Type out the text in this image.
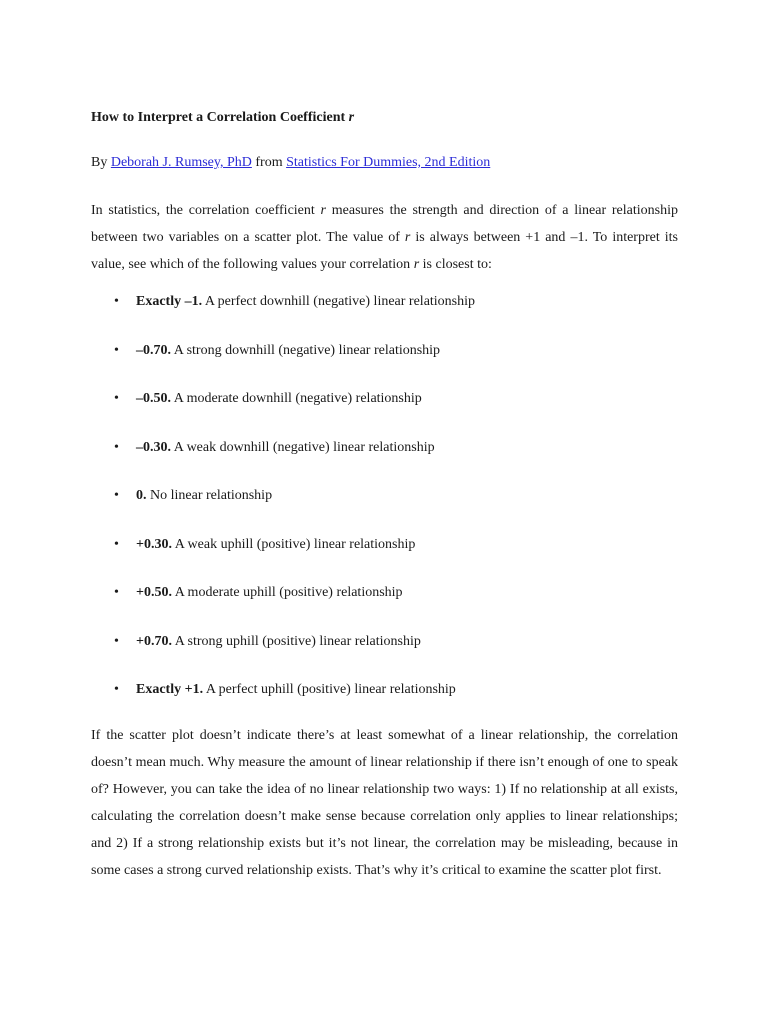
How to Interpret a Correlation Coefficient r

By Deborah J. Rumsey, PhD from Statistics For Dummies, 2nd Edition
In statistics, the correlation coefficient r measures the strength and direction of a linear relationship between two variables on a scatter plot. The value of r is always between +1 and –1. To interpret its value, see which of the following values your correlation r is closest to:
• Exactly –1. A perfect downhill (negative) linear relationship
• –0.70. A strong downhill (negative) linear relationship
• –0.50. A moderate downhill (negative) relationship
• –0.30. A weak downhill (negative) linear relationship
• 0. No linear relationship
• +0.30. A weak uphill (positive) linear relationship
• +0.50. A moderate uphill (positive) relationship
• +0.70. A strong uphill (positive) linear relationship
• Exactly +1. A perfect uphill (positive) linear relationship
If the scatter plot doesn’t indicate there’s at least somewhat of a linear relationship, the correlation doesn’t mean much. Why measure the amount of linear relationship if there isn’t enough of one to speak of? However, you can take the idea of no linear relationship two ways: 1) If no relationship at all exists, calculating the correlation doesn’t make sense because correlation only applies to linear relationships; and 2) If a strong relationship exists but it’s not linear, the correlation may be misleading, because in some cases a strong curved relationship exists. That’s why it’s critical to examine the scatter plot first.
